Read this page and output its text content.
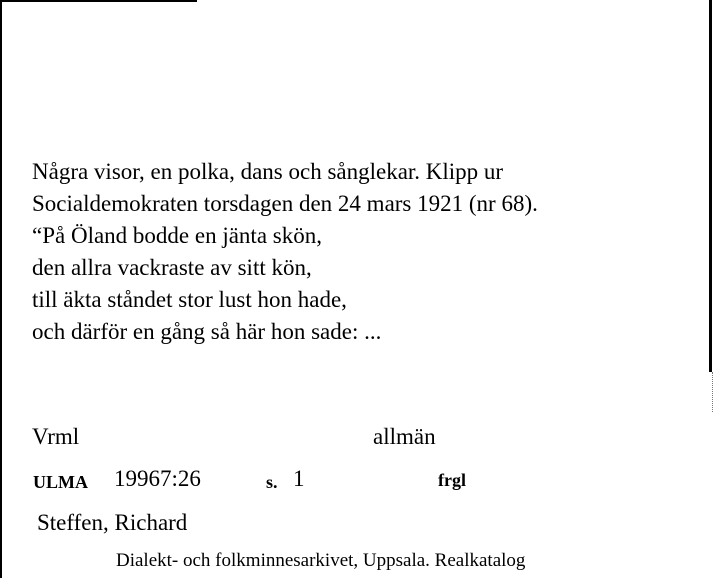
Några visor, en polka, dans och sånglekar. Klipp ur
Socialdemokraten torsdagen den 24 mars 1921 (nr 68).
“På Öland bodde en jänta skön,
den allra vackraste av sitt kön,
till äkta ståndet stor lust hon hade,
och därför en gång så här hon sade: ...
Vrml	allmän
ULMA 19967:26	s. 1	frgl
Steffen, Richard
Dialekt- och folkminnesarkivet, Uppsala. Realkatalog
